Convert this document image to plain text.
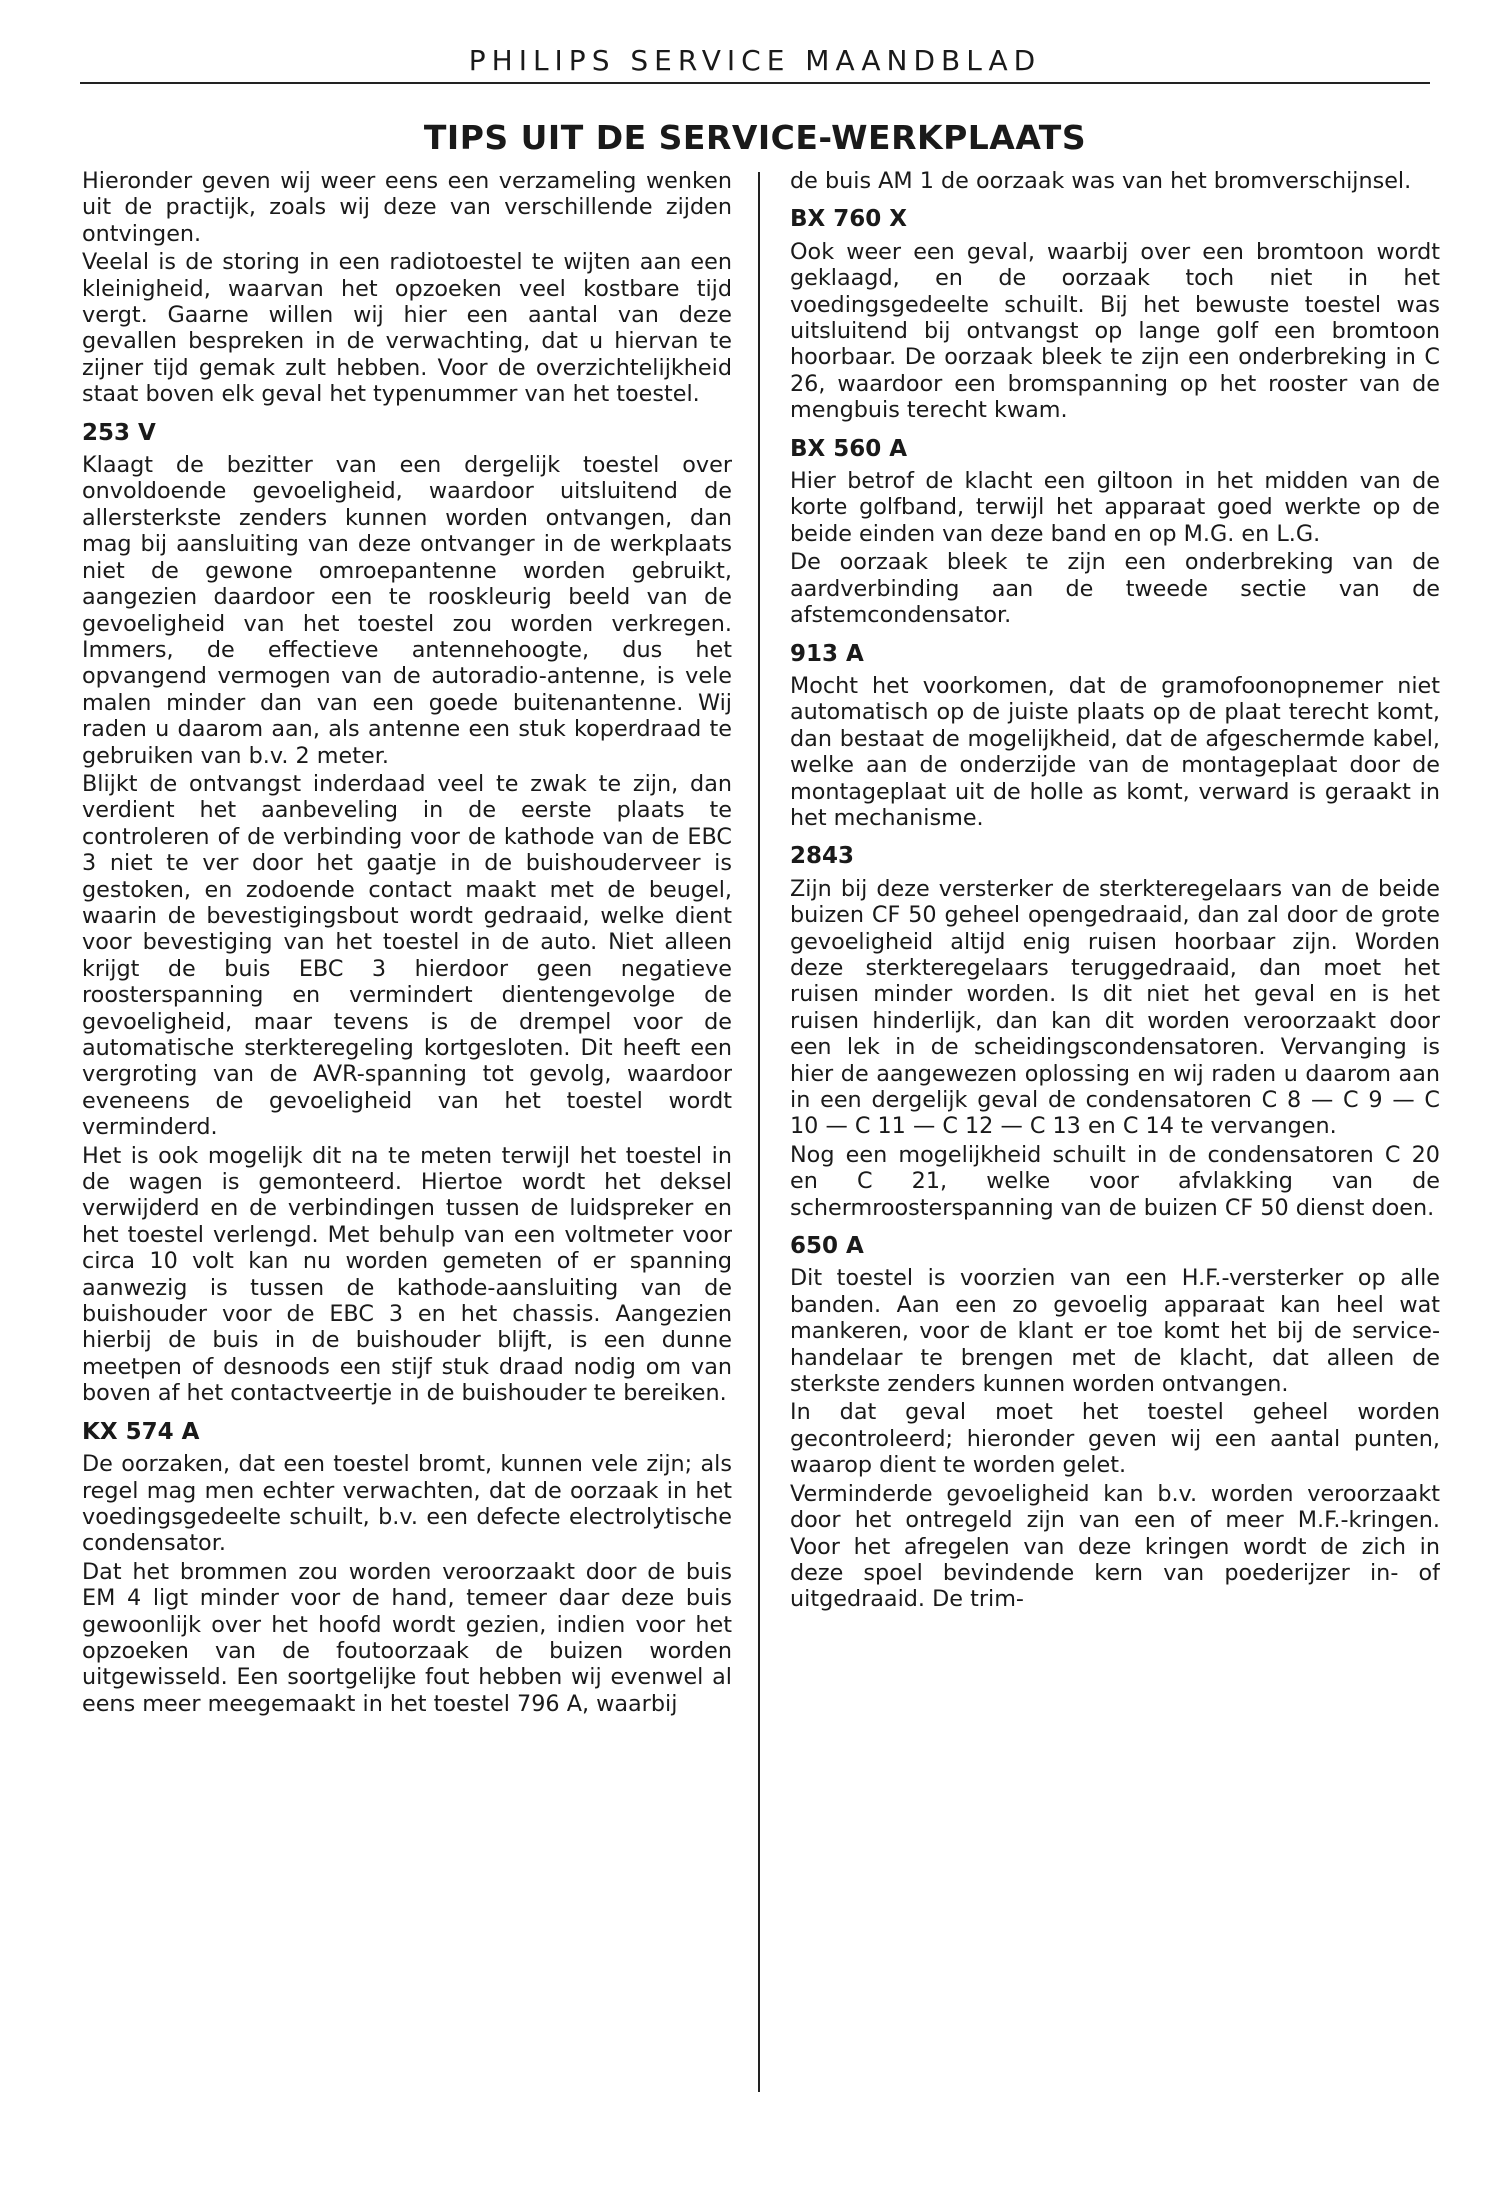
PHILIPS SERVICE MAANDBLAD
TIPS UIT DE SERVICE-WERKPLAATS

Hieronder geven wij weer eens een verzameling wenken uit de practijk, zoals wij deze van verschillende zijden ontvingen.

Veelal is de storing in een radiotoestel te wijten aan een kleinigheid, waarvan het opzoeken veel kostbare tijd vergt. Gaarne willen wij hier een aantal van deze gevallen bespreken in de verwachting, dat u hiervan te zijner tijd gemak zult hebben. Voor de overzichtelijkheid staat boven elk geval het typenummer van het toestel.

253 V

Klaagt de bezitter van een dergelijk toestel over onvoldoende gevoeligheid, waardoor uitsluitend de allersterkste zenders kunnen worden ontvangen, dan mag bij aansluiting van deze ontvanger in de werkplaats niet de gewone omroepantenne worden gebruikt, aangezien daardoor een te rooskleurig beeld van de gevoeligheid van het toestel zou worden verkregen. Immers, de effectieve antennehoogte, dus het opvangend vermogen van de autoradio-antenne, is vele malen minder dan van een goede buitenantenne. Wij raden u daarom aan, als antenne een stuk koperdraad te gebruiken van b.v. 2 meter.

Blijkt de ontvangst inderdaad veel te zwak te zijn, dan verdient het aanbeveling in de eerste plaats te controleren of de verbinding voor de kathode van de EBC 3 niet te ver door het gaatje in de buishouderveer is gestoken, en zodoende contact maakt met de beugel, waarin de bevestigingsbout wordt gedraaid, welke dient voor bevestiging van het toestel in de auto. Niet alleen krijgt de buis EBC 3 hierdoor geen negatieve roosterspanning en vermindert dientengevolge de gevoeligheid, maar tevens is de drempel voor de automatische sterkteregeling kortgesloten. Dit heeft een vergroting van de AVR-spanning tot gevolg, waardoor eveneens de gevoeligheid van het toestel wordt verminderd.

Het is ook mogelijk dit na te meten terwijl het toestel in de wagen is gemonteerd. Hiertoe wordt het deksel verwijderd en de verbindingen tussen de luidspreker en het toestel verlengd. Met behulp van een voltmeter voor circa 10 volt kan nu worden gemeten of er spanning aanwezig is tussen de kathode-aansluiting van de buishouder voor de EBC 3 en het chassis. Aangezien hierbij de buis in de buishouder blijft, is een dunne meetpen of desnoods een stijf stuk draad nodig om van boven af het contactveertje in de buishouder te bereiken.

KX 574 A

De oorzaken, dat een toestel bromt, kunnen vele zijn; als regel mag men echter verwachten, dat de oorzaak in het voedingsgedeelte schuilt, b.v. een defecte electrolytische condensator.

Dat het brommen zou worden veroorzaakt door de buis EM 4 ligt minder voor de hand, temeer daar deze buis gewoonlijk over het hoofd wordt gezien, indien voor het opzoeken van de foutoorzaak de buizen worden uitgewisseld. Een soortgelijke fout hebben wij evenwel al eens meer meegemaakt in het toestel 796 A, waarbij

de buis AM 1 de oorzaak was van het bromverschijnsel.

BX 760 X

Ook weer een geval, waarbij over een bromtoon wordt geklaagd, en de oorzaak toch niet in het voedingsgedeelte schuilt. Bij het bewuste toestel was uitsluitend bij ontvangst op lange golf een bromtoon hoorbaar. De oorzaak bleek te zijn een onderbreking in C 26, waardoor een bromspanning op het rooster van de mengbuis terecht kwam.

BX 560 A

Hier betrof de klacht een giltoon in het midden van de korte golfband, terwijl het apparaat goed werkte op de beide einden van deze band en op M.G. en L.G.

De oorzaak bleek te zijn een onderbreking van de aardverbinding aan de tweede sectie van de afstemcondensator.

913 A

Mocht het voorkomen, dat de gramofoonopnemer niet automatisch op de juiste plaats op de plaat terecht komt, dan bestaat de mogelijkheid, dat de afgeschermde kabel, welke aan de onderzijde van de montageplaat door de montageplaat uit de holle as komt, verward is geraakt in het mechanisme.

2843

Zijn bij deze versterker de sterkteregelaars van de beide buizen CF 50 geheel opengedraaid, dan zal door de grote gevoeligheid altijd enig ruisen hoorbaar zijn. Worden deze sterkteregelaars teruggedraaid, dan moet het ruisen minder worden. Is dit niet het geval en is het ruisen hinderlijk, dan kan dit worden veroorzaakt door een lek in de scheidingscondensatoren. Vervanging is hier de aangewezen oplossing en wij raden u daarom aan in een dergelijk geval de condensatoren C 8 — C 9 — C 10 — C 11 — C 12 — C 13 en C 14 te vervangen.

Nog een mogelijkheid schuilt in de condensatoren C 20 en C 21, welke voor afvlakking van de schermroosterspanning van de buizen CF 50 dienst doen.

650 A

Dit toestel is voorzien van een H.F.-versterker op alle banden. Aan een zo gevoelig apparaat kan heel wat mankeren, voor de klant er toe komt het bij de service-handelaar te brengen met de klacht, dat alleen de sterkste zenders kunnen worden ontvangen.

In dat geval moet het toestel geheel worden gecontroleerd; hieronder geven wij een aantal punten, waarop dient te worden gelet.

Verminderde gevoeligheid kan b.v. worden veroorzaakt door het ontregeld zijn van een of meer M.F.-kringen. Voor het afregelen van deze kringen wordt de zich in deze spoel bevindende kern van poederijzer in- of uitgedraaid. De trim-
